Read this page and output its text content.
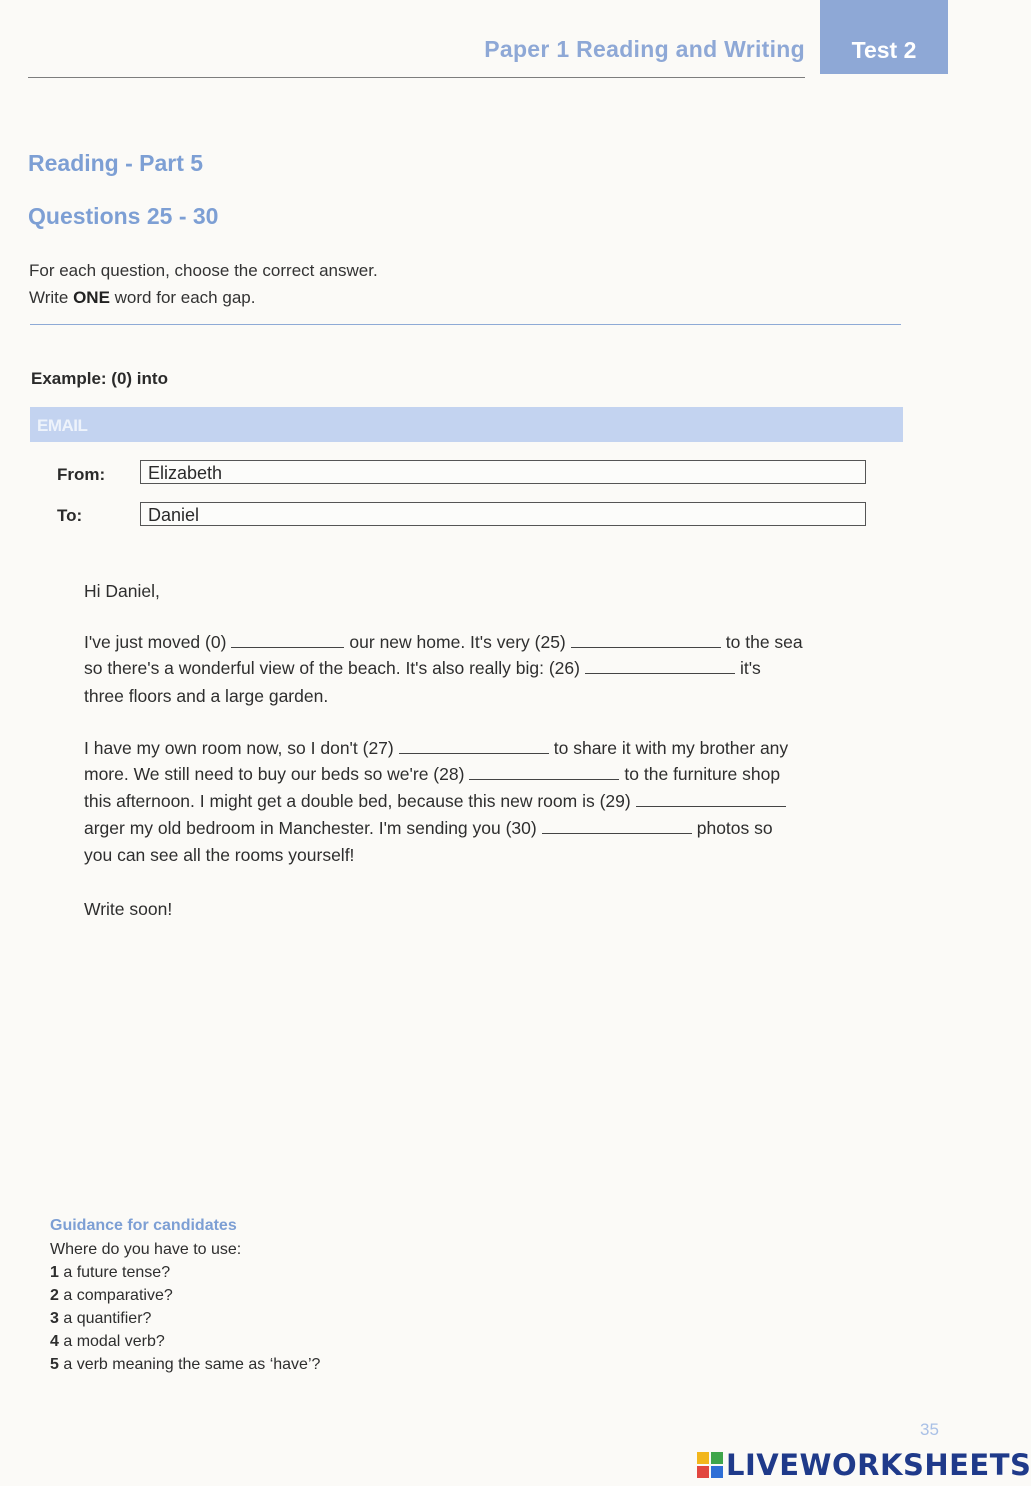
Paper 1 Reading and Writing Test 2
Reading - Part 5
Questions 25 - 30
For each question, choose the correct answer.
Write ONE word for each gap.
Example: (0) into
EMAIL
From: Elizabeth
To:	Daniel
Hi Daniel,
I've just moved (0)	our new home. It's very (25)	to the sea
so there's a wonderful view of the beach. It's also really big: (26)	it's
three floors and a large garden.
I have my own room now, so I don't (27)	to share it with my brother any
more. We still need to buy our beds so we're (28)	to the furniture shop
this afternoon. I might get a double bed, because this new room is (29)
arger my old bedroom in Manchester. I'm sending you (30)	photos so
you can see all the rooms yourself!
Write soon!
Guidance for candidates
Where do you have to use:
1 a future tense?
2 a comparative?
3 a quantifier?
4 a modal verb?
5 a verb meaning the same as ‘have’?
35
LIVEWORKSHEETS
